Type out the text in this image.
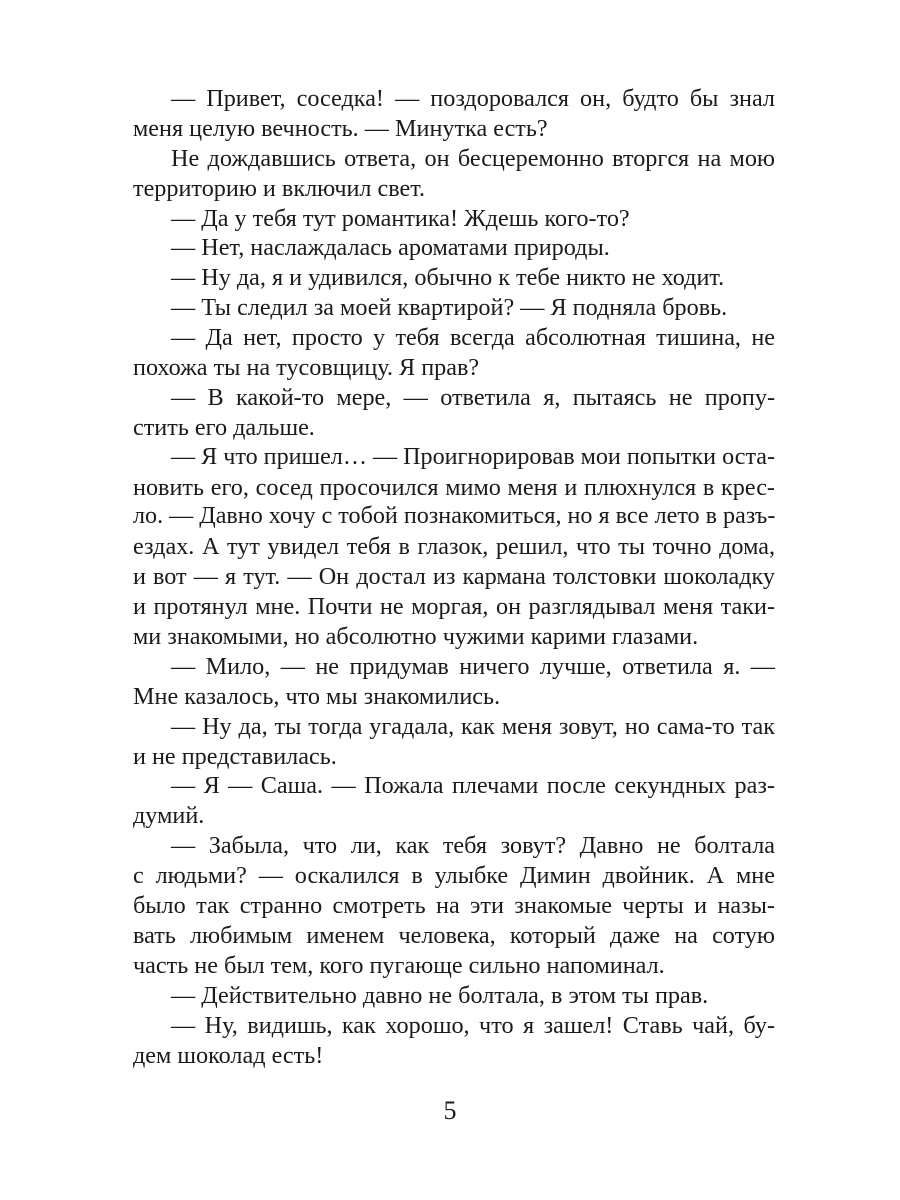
— Привет, соседка! — поздоровался он, будто бы знал
меня целую вечность. — Минутка есть?
Не дождавшись ответа, он бесцеремонно вторгся на мою
территорию и включил свет.
— Да у тебя тут романтика! Ждешь кого-то?
— Нет, наслаждалась ароматами природы.
— Ну да, я и удивился, обычно к тебе никто не ходит.
— Ты следил за моей квартирой? — Я подняла бровь.
— Да нет, просто у тебя всегда абсолютная тишина, не
похожа ты на тусовщицу. Я прав?
— В какой-то мере, — ответила я, пытаясь не пропу-
стить его дальше.
— Я что пришел… — Проигнорировав мои попытки оста-
новить его, сосед просочился мимо меня и плюхнулся в крес-
ло. — Давно хочу с тобой познакомиться, но я все лето в разъ-
ездах. А тут увидел тебя в глазок, решил, что ты точно дома,
и вот — я тут. — Он достал из кармана толстовки шоколадку
и протянул мне. Почти не моргая, он разглядывал меня таки-
ми знакомыми, но абсолютно чужими карими глазами.
— Мило, — не придумав ничего лучше, ответила я. —
Мне казалось, что мы знакомились.
— Ну да, ты тогда угадала, как меня зовут, но сама-то так
и не представилась.
— Я — Саша. — Пожала плечами после секундных раз-
думий.
— Забыла, что ли, как тебя зовут? Давно не болтала
с людьми? — оскалился в улыбке Димин двойник. А мне
было так странно смотреть на эти знакомые черты и назы-
вать любимым именем человека, который даже на сотую
часть не был тем, кого пугающе сильно напоминал.
— Действительно давно не болтала, в этом ты прав.
— Ну, видишь, как хорошо, что я зашел! Ставь чай, бу-
дем шоколад есть!
5
